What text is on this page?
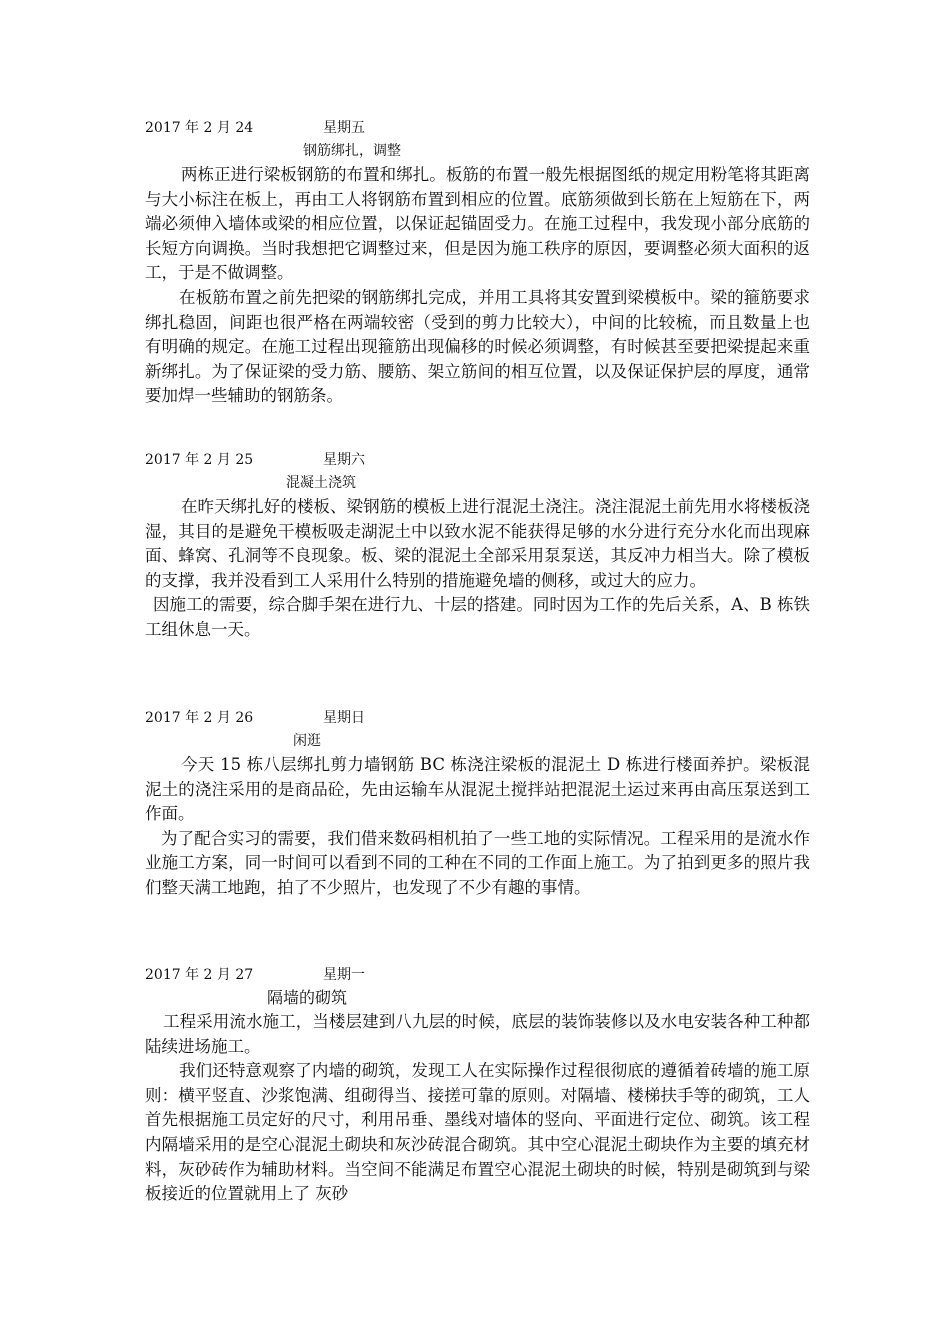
2017 年 2 月 24	星期五
钢筋绑扎，调整

两栋正进行梁板钢筋的布置和绑扎。板筋的布置一般先根据图纸的规定用粉笔将其距离与大小标注在板上，再由工人将钢筋布置到相应的位置。底筋须做到长筋在上短筋在下，两端必须伸入墙体或梁的相应位置，以保证起锚固受力。在施工过程中，我发现小部分底筋的长短方向调换。当时我想把它调整过来，但是因为施工秩序的原因，要调整必须大面积的返工，于是不做调整。

在板筋布置之前先把梁的钢筋绑扎完成，并用工具将其安置到梁模板中。梁的箍筋要求绑扎稳固，间距也很严格在两端较密（受到的剪力比较大），中间的比较梳，而且数量上也有明确的规定。在施工过程出现箍筋出现偏移的时候必须调整，有时候甚至要把梁提起来重新绑扎。为了保证梁的受力筋、腰筋、架立筋间的相互位置，以及保证保护层的厚度，通常要加焊一些辅助的钢筋条。

2017 年 2 月 25	星期六
混凝土浇筑

在昨天绑扎好的楼板、梁钢筋的模板上进行混泥土浇注。浇注混泥土前先用水将楼板浇湿，其目的是避免干模板吸走湖泥土中以致水泥不能获得足够的水分进行充分水化而出现麻面、蜂窝、孔洞等不良现象。板、梁的混泥土全部采用泵泵送，其反冲力相当大。除了模板的支撑，我并没看到工人采用什么特别的措施避免墙的侧移，或过大的应力。

因施工的需要，综合脚手架在进行九、十层的搭建。同时因为工作的先后关系，A、B 栋铁工组休息一天。

2017 年 2 月 26	星期日
闲逛

今天 15 栋八层绑扎剪力墙钢筋 BC 栋浇注梁板的混泥土 D 栋进行楼面养护。梁板混泥土的浇注采用的是商品砼，先由运输车从混泥土搅拌站把混泥土运过来再由高压泵送到工作面。

为了配合实习的需要，我们借来数码相机拍了一些工地的实际情况。工程采用的是流水作业施工方案，同一时间可以看到不同的工种在不同的工作面上施工。为了拍到更多的照片我们整天满工地跑，拍了不少照片，也发现了不少有趣的事情。

2017 年 2 月 27	星期一
隔墙的砌筑

工程采用流水施工，当楼层建到八九层的时候，底层的装饰装修以及水电安装各种工种都陆续进场施工。

我们还特意观察了内墙的砌筑，发现工人在实际操作过程很彻底的遵循着砖墙的施工原则：横平竖直、沙浆饱满、组砌得当、接搓可靠的原则。对隔墙、楼梯扶手等的砌筑，工人首先根据施工员定好的尺寸，利用吊垂、墨线对墙体的竖向、平面进行定位、砌筑。该工程内隔墙采用的是空心混泥土砌块和灰沙砖混合砌筑。其中空心混泥土砌块作为主要的填充材料，灰砂砖作为辅助材料。当空间不能满足布置空心混泥土砌块的时候，特别是砌筑到与梁板接近的位置就用上了 灰砂
